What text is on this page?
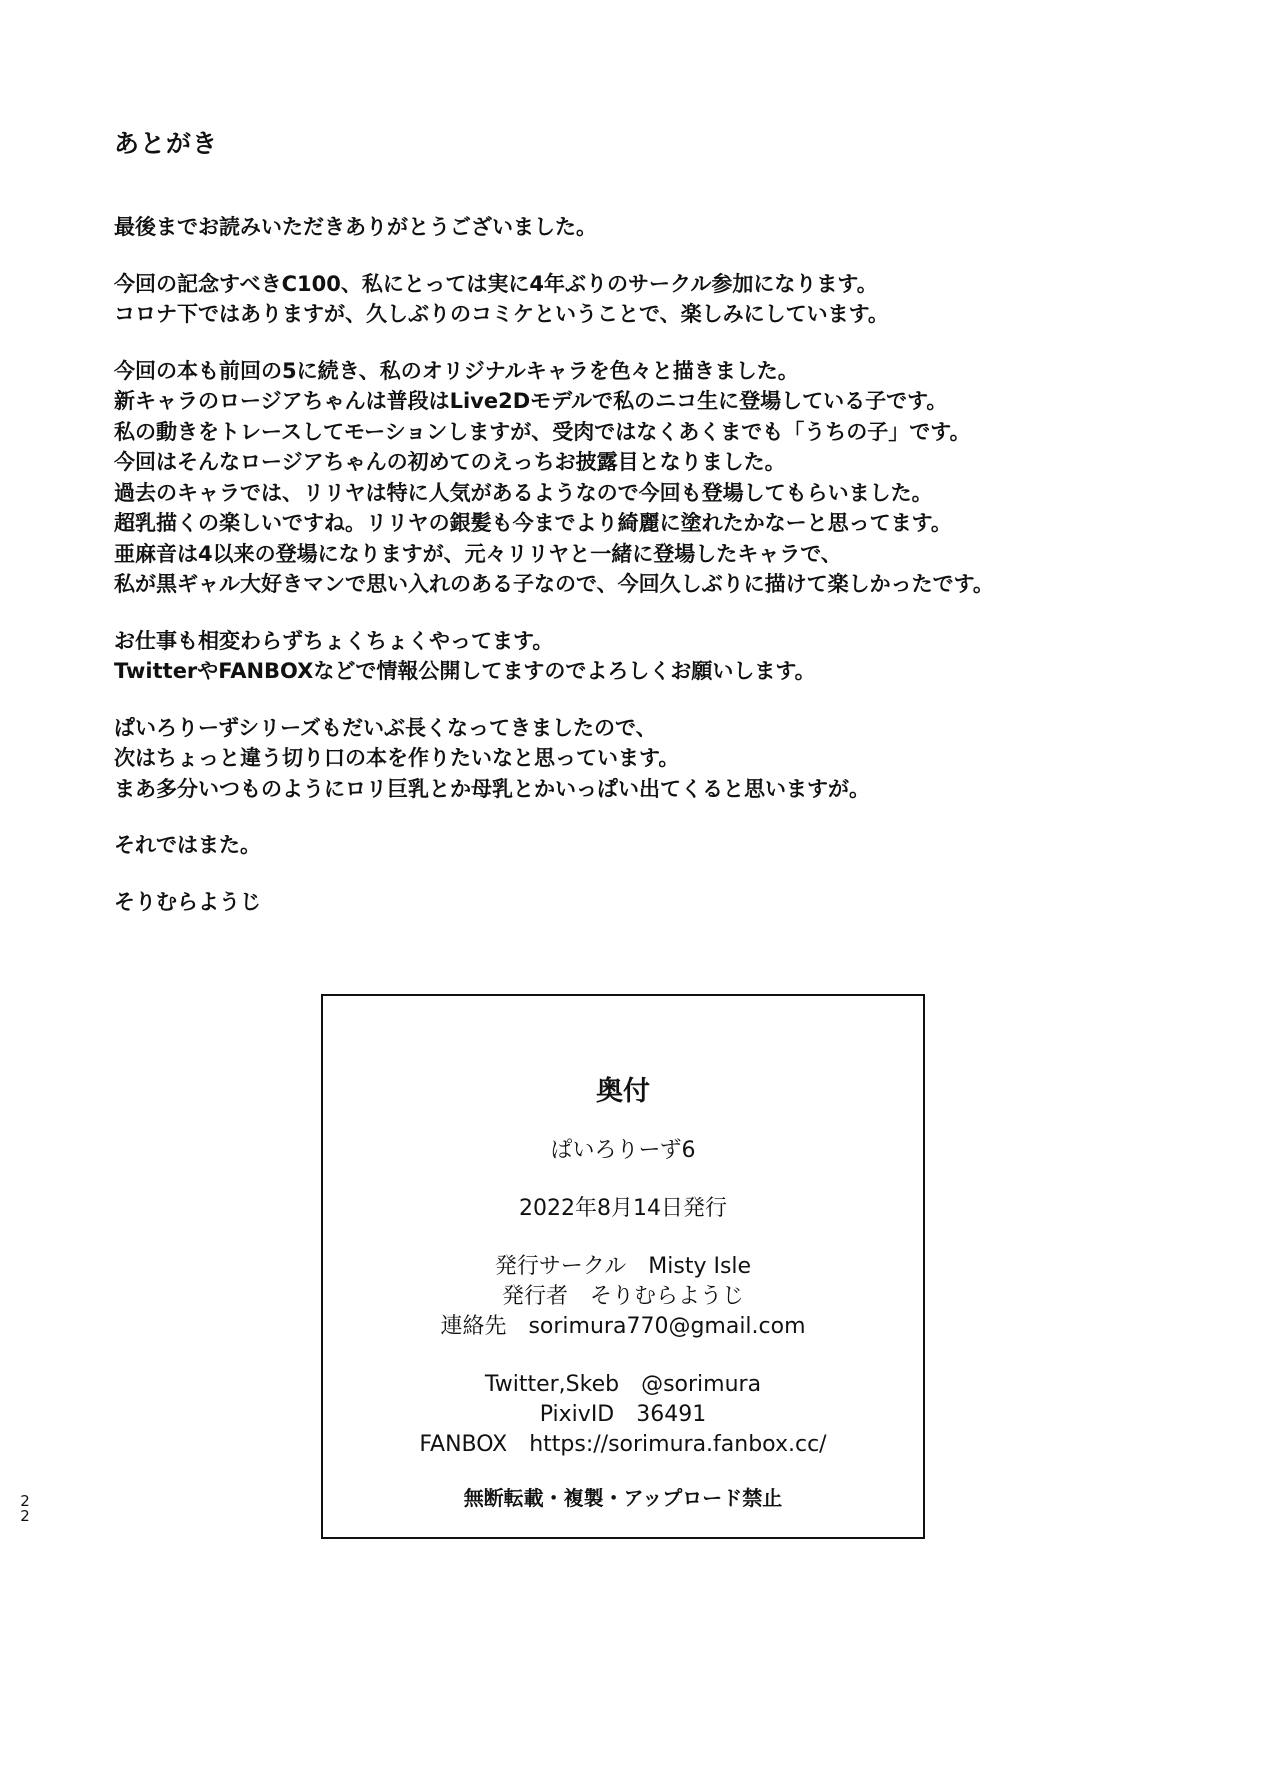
あとがき
最後までお読みいただきありがとうございました。
今回の記念すべきC100、私にとっては実に4年ぶりのサークル参加になります。
コロナ下ではありますが、久しぶりのコミケということで、楽しみにしています。
今回の本も前回の5に続き、私のオリジナルキャラを色々と描きました。
新キャラのロージアちゃんは普段はLive2Dモデルで私のニコ生に登場している子です。
私の動きをトレースしてモーションしますが、受肉ではなくあくまでも「うちの子」です。
今回はそんなロージアちゃんの初めてのえっちお披露目となりました。
過去のキャラでは、リリヤは特に人気があるようなので今回も登場してもらいました。
超乳描くの楽しいですね。リリヤの銀髪も今までより綺麗に塗れたかなーと思ってます。
亜麻音は4以来の登場になりますが、元々リリヤと一緒に登場したキャラで、
私が黒ギャル大好きマンで思い入れのある子なので、今回久しぶりに描けて楽しかったです。
お仕事も相変わらずちょくちょくやってます。
TwitterやFANBOXなどで情報公開してますのでよろしくお願いします。
ぱいろりーずシリーズもだいぶ長くなってきましたので、
次はちょっと違う切り口の本を作りたいなと思っています。
まあ多分いつものようにロリ巨乳とか母乳とかいっぱい出てくると思いますが。
それではまた。
そりむらようじ
奥付
ぱいろりーず6
2022年8月14日発行
発行サークル　Misty Isle
発行者　そりむらようじ
連絡先　sorimura770@gmail.com
Twitter,Skeb　@sorimura
PixivID　36491
FANBOX　https://sorimura.fanbox.cc/
無断転載・複製・アップロード禁止
22
